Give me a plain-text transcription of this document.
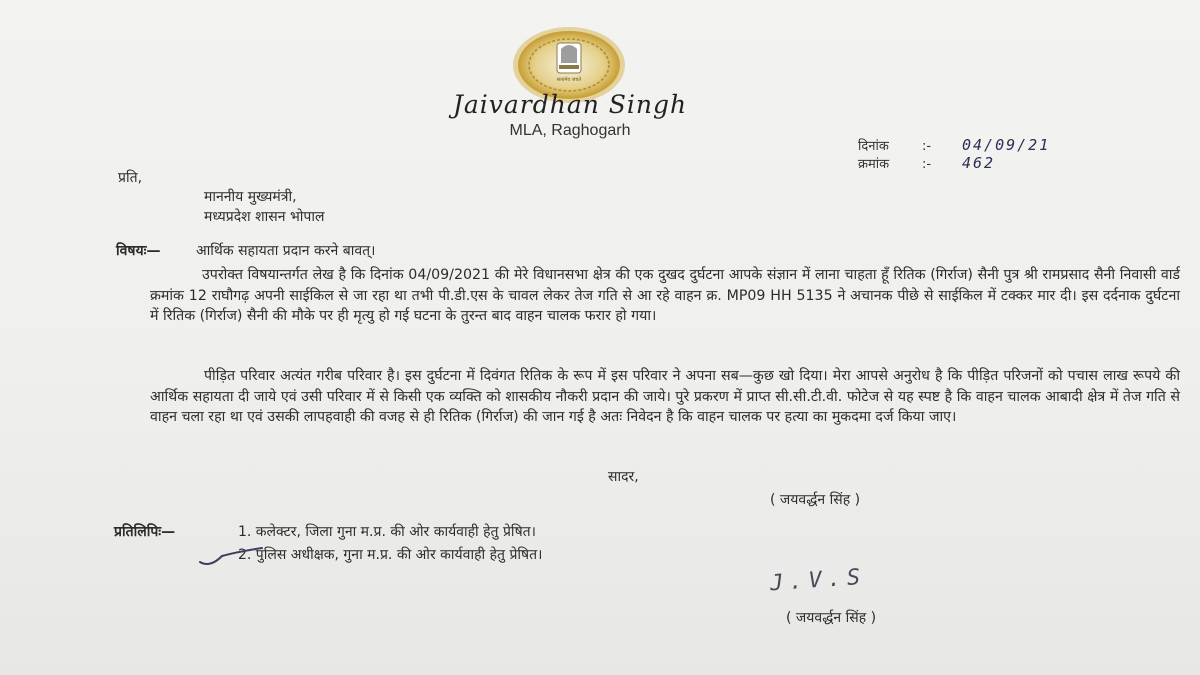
सत्यमेव जयते
Jaivardhan Singh
MLA, Raghogarh
दिनांक	:- 04/09/21
क्रमांक	:- 462
प्रति,
माननीय मुख्यमंत्री,
मध्यप्रदेश शासन भोपाल
विषयः—	आर्थिक सहायता प्रदान करने बावत्।
उपरोक्त विषयान्तर्गत लेख है कि दिनांक 04/09/2021 की मेरे विधानसभा क्षेत्र की एक दुखद दुर्घटना आपके संज्ञान में लाना चाहता हूँ रितिक (गिर्राज) सैनी पुत्र श्री रामप्रसाद सैनी निवासी वार्ड क्रमांक 12 राघौगढ़ अपनी साईकिल से जा रहा था तभी पी.डी.एस के चावल लेकर तेज गति से आ रहे वाहन क्र. MP09 HH 5135 ने अचानक पीछे से साईकिल में टक्कर मार दी। इस दर्दनाक दुर्घटना में रितिक (गिर्राज) सैनी की मौके पर ही मृत्यु हो गई घटना के तुरन्त बाद वाहन चालक फरार हो गया।
पीड़ित परिवार अत्यंत गरीब परिवार है। इस दुर्घटना में दिवंगत रितिक के रूप में इस परिवार ने अपना सब—कुछ खो दिया। मेरा आपसे अनुरोध है कि पीड़ित परिजनों को पचास लाख रूपये की आर्थिक सहायता दी जाये एवं उसी परिवार में से किसी एक व्यक्ति को शासकीय नौकरी प्रदान की जाये। पुरे प्रकरण में प्राप्त सी.सी.टी.वी. फोटेज से यह स्पष्ट है कि वाहन चालक आबादी क्षेत्र में तेज गति से वाहन चला रहा था एवं उसकी लापहवाही की वजह से ही रितिक (गिर्राज) की जान गई है अतः निवेदन है कि वाहन चालक पर हत्या का मुकदमा दर्ज किया जाए।
सादर,
( जयवर्द्धन सिंह )
प्रतिलिपिः—	1. कलेक्टर, जिला गुना म.प्र. की ओर कार्यवाही हेतु प्रेषित।
2. पुलिस अधीक्षक, गुना म.प्र. की ओर कार्यवाही हेतु प्रेषित।
J.V.S
( जयवर्द्धन सिंह )
